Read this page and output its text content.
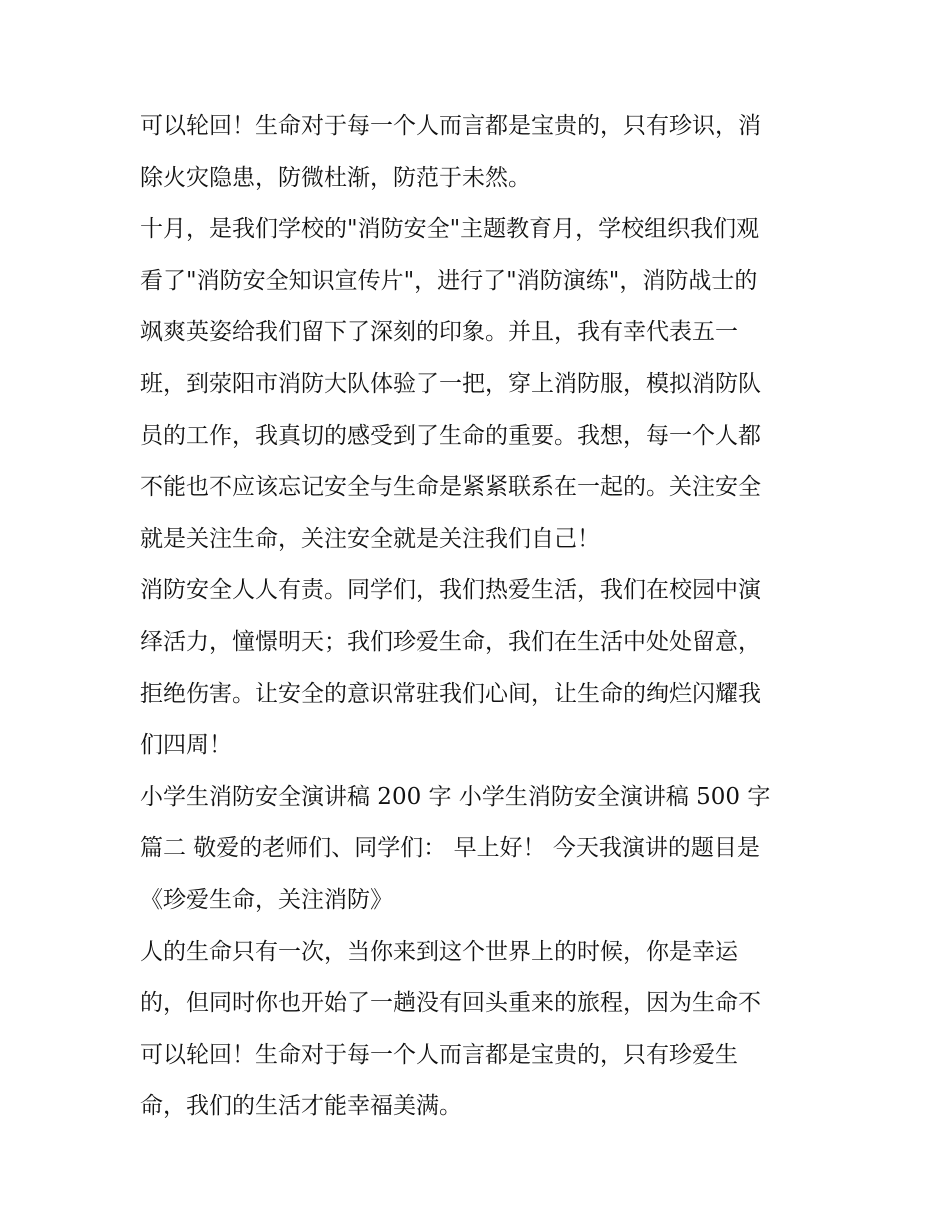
可以轮回！生命对于每一个人而言都是宝贵的，只有珍识，消
除火灾隐患，防微杜渐，防范于未然。
十月，是我们学校的"消防安全"主题教育月，学校组织我们观
看了"消防安全知识宣传片"，进行了"消防演练"，消防战士的
飒爽英姿给我们留下了深刻的印象。并且，我有幸代表五一
班，到荥阳市消防大队体验了一把，穿上消防服，模拟消防队
员的工作，我真切的感受到了生命的重要。我想，每一个人都
不能也不应该忘记安全与生命是紧紧联系在一起的。关注安全
就是关注生命，关注安全就是关注我们自己！
消防安全人人有责。同学们，我们热爱生活，我们在校园中演
绎活力，憧憬明天；我们珍爱生命，我们在生活中处处留意，
拒绝伤害。让安全的意识常驻我们心间，让生命的绚烂闪耀我
们四周！
小学生消防安全演讲稿 200 字 小学生消防安全演讲稿 500 字
篇二 敬爱的老师们、同学们： 早上好！ 今天我演讲的题目是
《珍爱生命，关注消防》
人的生命只有一次，当你来到这个世界上的时候，你是幸运
的，但同时你也开始了一趟没有回头重来的旅程，因为生命不
可以轮回！生命对于每一个人而言都是宝贵的，只有珍爱生
命，我们的生活才能幸福美满。
